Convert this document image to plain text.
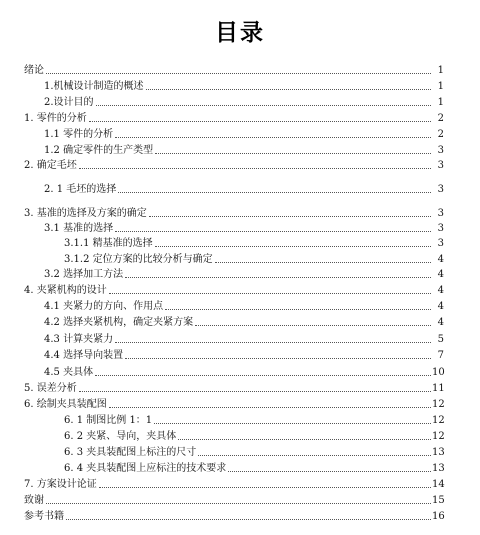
目录
绪论	1
1.机械设计制造的概述	1
2.设计目的	1
1. 零件的分析	2
1.1 零件的分析	2
1.2 确定零件的生产类型	3
2. 确定毛坯	3
2. 1 毛坯的选择	3
3. 基准的选择及方案的确定	3
3.1 基准的选择	3
3.1.1 精基准的选择	3
3.1.2 定位方案的比较分析与确定	4
3.2 选择加工方法	4
4. 夹紧机构的设计	4
4.1 夹紧力的方向、作用点	4
4.2 选择夹紧机构，确定夹紧方案	4
4.3 计算夹紧力	5
4.4 选择导向装置	7
4.5 夹具体	10
5. 误差分析	11
6. 绘制夹具装配图	12
6. 1 制图比例 1：1	12
6. 2 夹紧、导向，夹具体	12
6. 3 夹具装配图上标注的尺寸	13
6. 4 夹具装配图上应标注的技术要求	13
7. 方案设计论证	14
致谢	15
参考书籍	16
